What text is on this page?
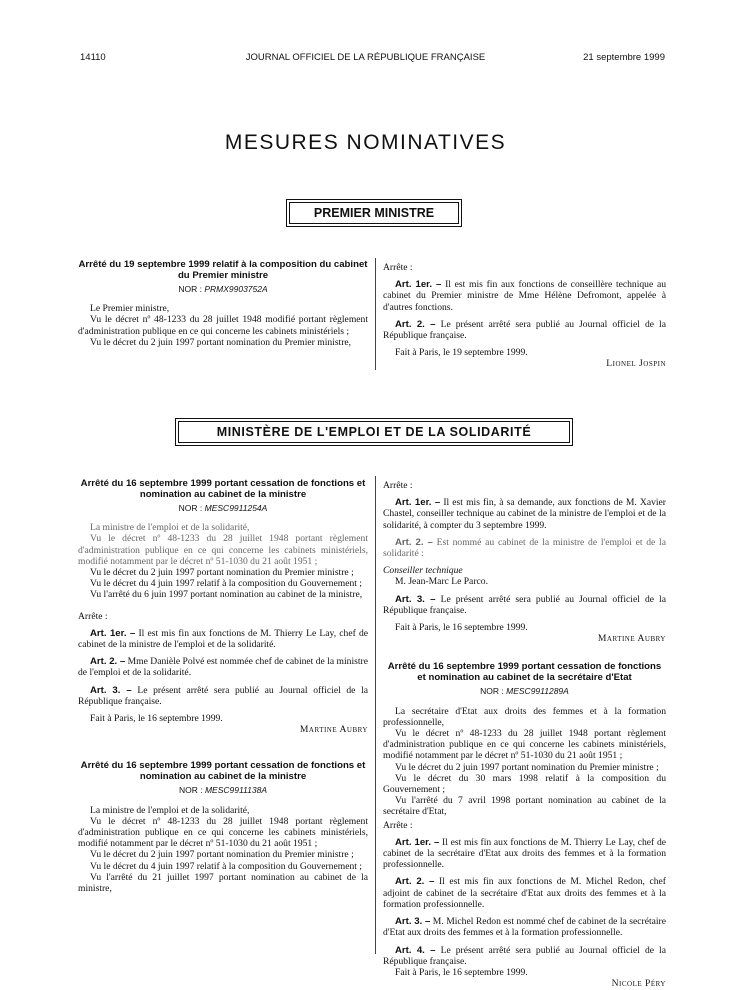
14110	JOURNAL OFFICIEL DE LA RÉPUBLIQUE FRANÇAISE	21 septembre 1999
MESURES NOMINATIVES
PREMIER MINISTRE
Arrêté du 19 septembre 1999 relatif à la composition du cabinet du Premier ministre
NOR : PRMX9903752A

Le Premier ministre,

Vu le décret nº 48-1233 du 28 juillet 1948 modifié portant règlement d'administration publique en ce qui concerne les cabinets ministériels ;

Vu le décret du 2 juin 1997 portant nomination du Premier ministre,

Arrête :

Art. 1er. – Il est mis fin aux fonctions de conseillère technique au cabinet du Premier ministre de Mme Hélène Defromont, appelée à d'autres fonctions.

Art. 2. – Le présent arrêté sera publié au Journal officiel de la République française.

Fait à Paris, le 19 septembre 1999.

Lionel Jospin

MINISTÈRE DE L'EMPLOI ET DE LA SOLIDARITÉ
Arrêté du 16 septembre 1999 portant cessation de fonctions et nomination au cabinet de la ministre
NOR : MESC9911254A

La ministre de l'emploi et de la solidarité,

Vu le décret nº 48-1233 du 28 juillet 1948 portant règlement d'administration publique en ce qui concerne les cabinets ministériels, modifié notamment par le décret nº 51-1030 du 21 août 1951 ;

Vu le décret du 2 juin 1997 portant nomination du Premier ministre ;

Vu le décret du 4 juin 1997 relatif à la composition du Gouvernement ;

Vu l'arrêté du 6 juin 1997 portant nomination au cabinet de la ministre,

Arrête :

Art. 1er. – Il est mis fin aux fonctions de M. Thierry Le Lay, chef de cabinet de la ministre de l'emploi et de la solidarité.

Art. 2. – Mme Danièle Polvé est nommée chef de cabinet de la ministre de l'emploi et de la solidarité.

Art. 3. – Le présent arrêté sera publié au Journal officiel de la République française.

Fait à Paris, le 16 septembre 1999.

Martine Aubry

Arrêté du 16 septembre 1999 portant cessation de fonctions et nomination au cabinet de la ministre
NOR : MESC9911138A

La ministre de l'emploi et de la solidarité,

Vu le décret nº 48-1233 du 28 juillet 1948 portant règlement d'administration publique en ce qui concerne les cabinets ministériels, modifié notamment par le décret nº 51-1030 du 21 août 1951 ;

Vu le décret du 2 juin 1997 portant nomination du Premier ministre ;

Vu le décret du 4 juin 1997 relatif à la composition du Gouvernement ;

Vu l'arrêté du 21 juillet 1997 portant nomination au cabinet de la ministre,

Arrête :

Art. 1er. – Il est mis fin, à sa demande, aux fonctions de M. Xavier Chastel, conseiller technique au cabinet de la ministre de l'emploi et de la solidarité, à compter du 3 septembre 1999.

Art. 2. – Est nommé au cabinet de la ministre de l'emploi et de la solidarité :

Conseiller technique

M. Jean-Marc Le Parco.

Art. 3. – Le présent arrêté sera publié au Journal officiel de la République française.

Fait à Paris, le 16 septembre 1999.

Martine Aubry

Arrêté du 16 septembre 1999 portant cessation de fonctions et nomination au cabinet de la secrétaire d'Etat
NOR : MESC9911289A

La secrétaire d'Etat aux droits des femmes et à la formation professionnelle,

Vu le décret nº 48-1233 du 28 juillet 1948 portant règlement d'administration publique en ce qui concerne les cabinets ministériels, modifié notamment par le décret nº 51-1030 du 21 août 1951 ;

Vu le décret du 2 juin 1997 portant nomination du Premier ministre ;

Vu le décret du 30 mars 1998 relatif à la composition du Gouvernement ;

Vu l'arrêté du 7 avril 1998 portant nomination au cabinet de la secrétaire d'Etat,

Arrête :

Art. 1er. – Il est mis fin aux fonctions de M. Thierry Le Lay, chef de cabinet de la secrétaire d'Etat aux droits des femmes et à la formation professionnelle.

Art. 2. – Il est mis fin aux fonctions de M. Michel Redon, chef adjoint de cabinet de la secrétaire d'Etat aux droits des femmes et à la formation professionnelle.

Art. 3. – M. Michel Redon est nommé chef de cabinet de la secrétaire d'Etat aux droits des femmes et à la formation professionnelle.

Art. 4. – Le présent arrêté sera publié au Journal officiel de la République française.

Fait à Paris, le 16 septembre 1999.

Nicole Péry
